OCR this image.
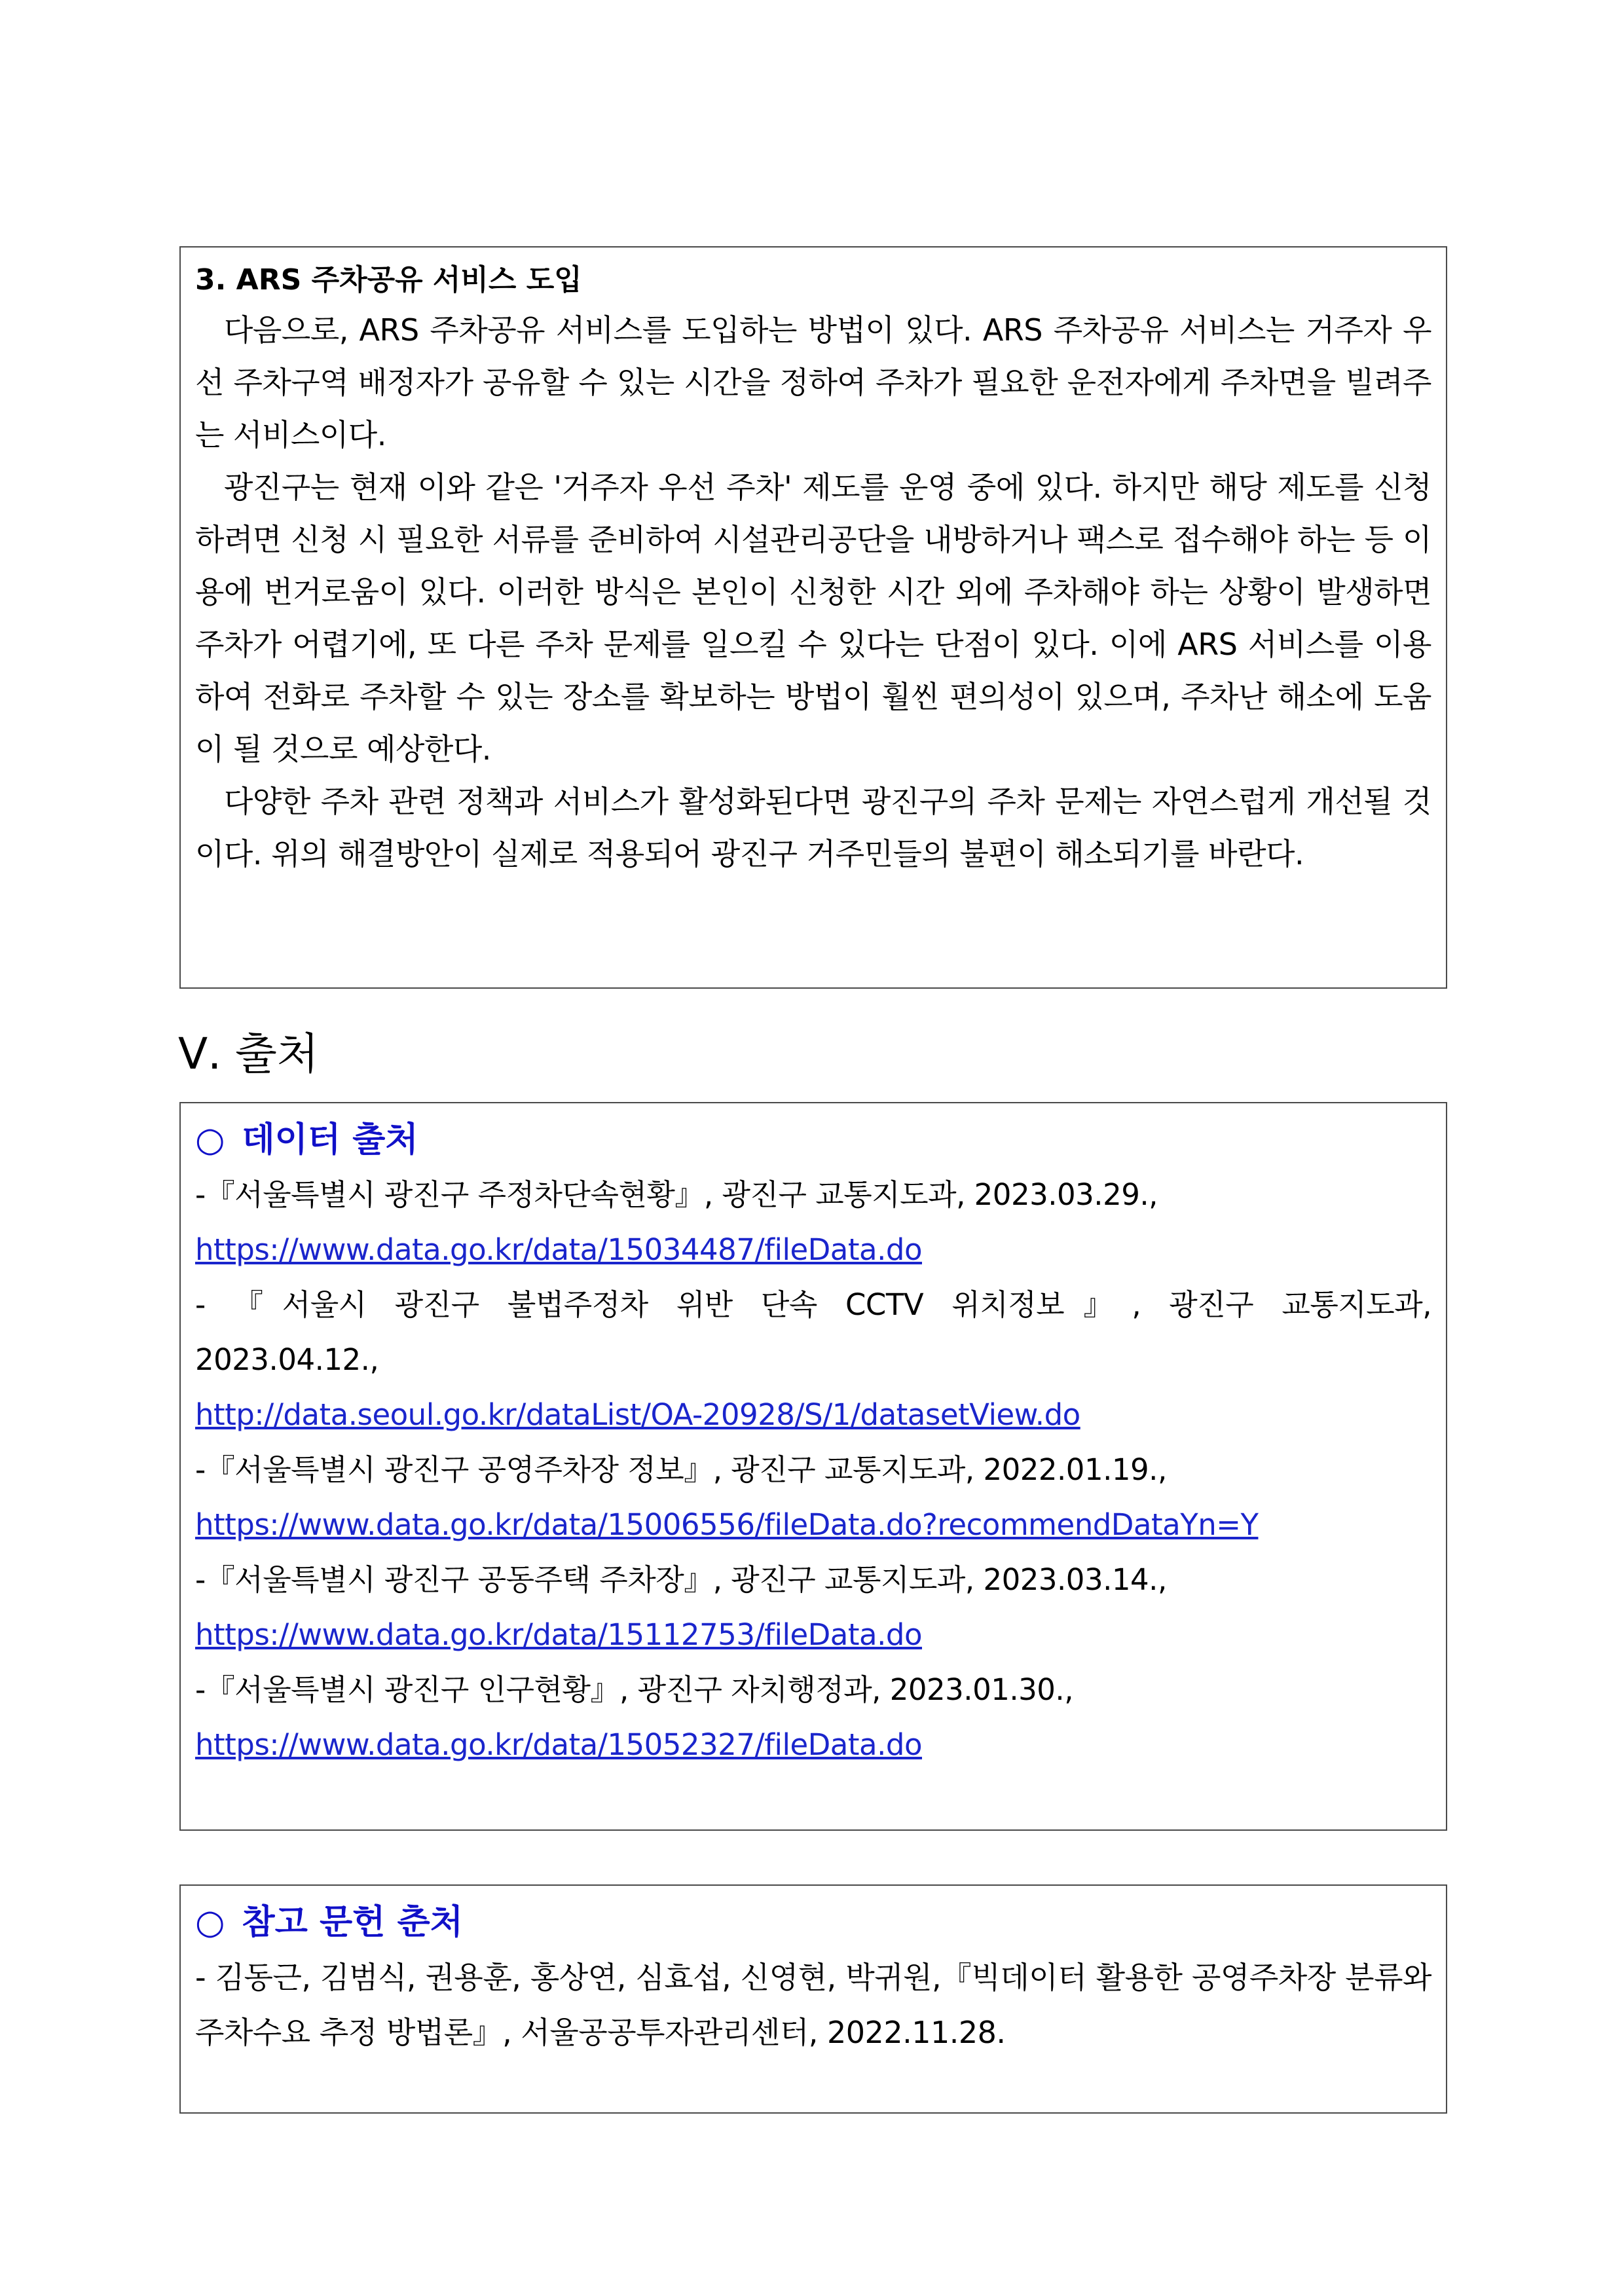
3. ARS 주차공유 서비스 도입

다음으로, ARS 주차공유 서비스를 도입하는 방법이 있다. ARS 주차공유 서비스는 거주자 우선 주차구역 배정자가 공유할 수 있는 시간을 정하여 주차가 필요한 운전자에게 주차면을 빌려주는 서비스이다.

광진구는 현재 이와 같은 '거주자 우선 주차' 제도를 운영 중에 있다. 하지만 해당 제도를 신청하려면 신청 시 필요한 서류를 준비하여 시설관리공단을 내방하거나 팩스로 접수해야 하는 등 이용에 번거로움이 있다. 이러한 방식은 본인이 신청한 시간 외에 주차해야 하는 상황이 발생하면 주차가 어렵기에, 또 다른 주차 문제를 일으킬 수 있다는 단점이 있다. 이에 ARS 서비스를 이용하여 전화로 주차할 수 있는 장소를 확보하는 방법이 훨씬 편의성이 있으며, 주차난 해소에 도움이 될 것으로 예상한다.

다양한 주차 관련 정책과 서비스가 활성화된다면 광진구의 주차 문제는 자연스럽게 개선될 것이다. 위의 해결방안이 실제로 적용되어 광진구 거주민들의 불편이 해소되기를 바란다.

Ⅴ. 출처

○ 데이터 출처

-『서울특별시 광진구 주정차단속현황』, 광진구 교통지도과, 2023.03.29.,

https://www.data.go.kr/data/15034487/fileData.do

- 『서울시 광진구 불법주정차 위반 단속 CCTV 위치정보』, 광진구 교통지도과,

2023.04.12.,

http://data.seoul.go.kr/dataList/OA-20928/S/1/datasetView.do

-『서울특별시 광진구 공영주차장 정보』, 광진구 교통지도과, 2022.01.19.,

https://www.data.go.kr/data/15006556/fileData.do?recommendDataYn=Y

-『서울특별시 광진구 공동주택 주차장』, 광진구 교통지도과, 2023.03.14.,

https://www.data.go.kr/data/15112753/fileData.do

-『서울특별시 광진구 인구현황』, 광진구 자치행정과, 2023.01.30.,

https://www.data.go.kr/data/15052327/fileData.do

○ 참고 문헌 춘처

- 김동근, 김범식, 권용훈, 홍상연, 심효섭, 신영현, 박귀원,『빅데이터 활용한 공영주차장 분류와 주차수요 추정 방법론』, 서울공공투자관리센터, 2022.11.28.
